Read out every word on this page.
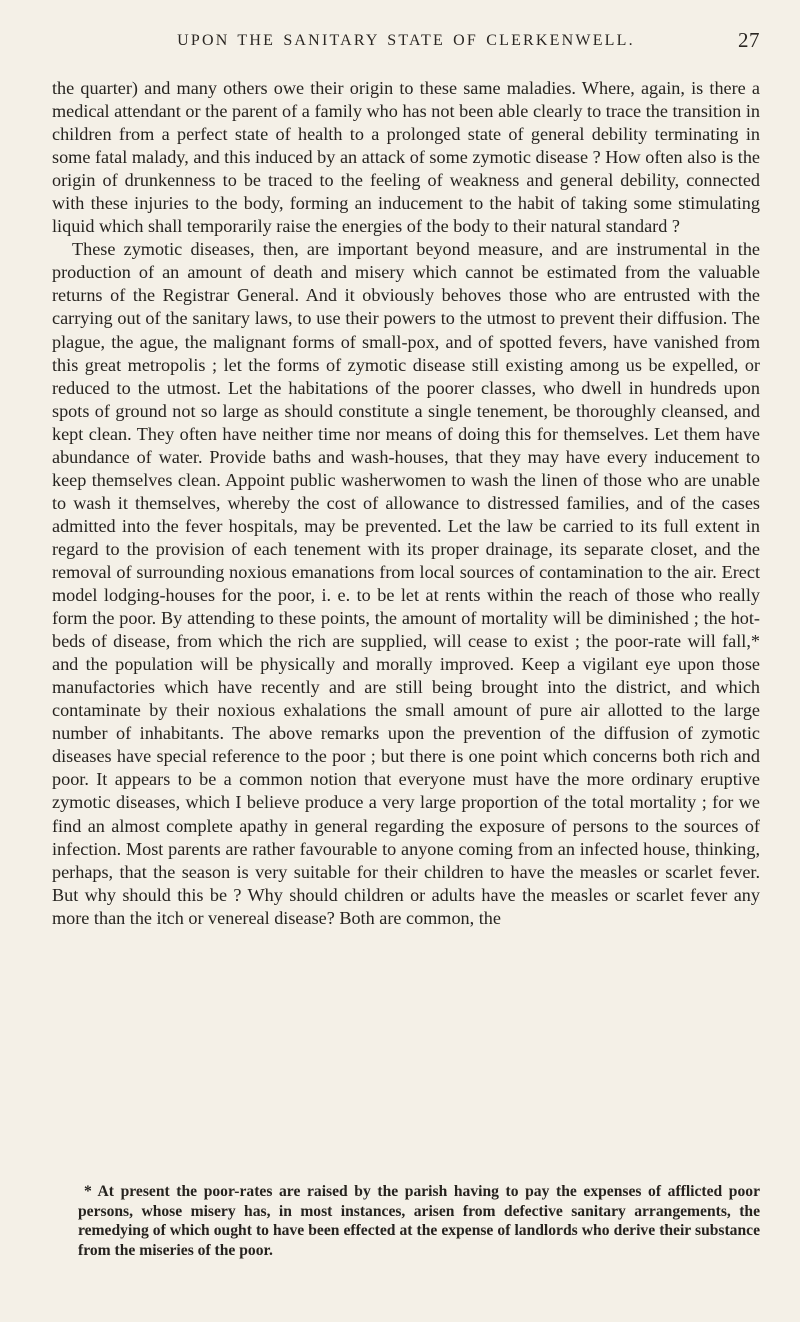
UPON THE SANITARY STATE OF CLERKENWELL.	27

the quarter) and many others owe their origin to these same maladies. Where, again, is there a medical attendant or the parent of a family who has not been able clearly to trace the transition in children from a perfect state of health to a prolonged state of general debility terminating in some fatal malady, and this induced by an attack of some zymotic disease ? How often also is the origin of drunkenness to be traced to the feeling of weakness and general debility, connected with these injuries to the body, forming an inducement to the habit of taking some stimulating liquid which shall temporarily raise the energies of the body to their natural standard ?

These zymotic diseases, then, are important beyond measure, and are instrumental in the production of an amount of death and misery which cannot be estimated from the valuable returns of the Registrar General. And it obviously behoves those who are entrusted with the carrying out of the sanitary laws, to use their powers to the utmost to prevent their diffusion. The plague, the ague, the malignant forms of small-pox, and of spotted fevers, have vanished from this great metropolis ; let the forms of zymotic disease still existing among us be expelled, or reduced to the utmost. Let the habitations of the poorer classes, who dwell in hundreds upon spots of ground not so large as should constitute a single tenement, be thoroughly cleansed, and kept clean. They often have neither time nor means of doing this for themselves. Let them have abundance of water. Provide baths and wash-houses, that they may have every inducement to keep themselves clean. Appoint public washerwomen to wash the linen of those who are unable to wash it themselves, whereby the cost of allowance to distressed families, and of the cases admitted into the fever hospitals, may be prevented. Let the law be carried to its full extent in regard to the provision of each tenement with its proper drainage, its separate closet, and the removal of surrounding noxious emanations from local sources of contamination to the air. Erect model lodging-houses for the poor, i. e. to be let at rents within the reach of those who really form the poor. By attending to these points, the amount of mortality will be diminished ; the hot-beds of disease, from which the rich are supplied, will cease to exist ; the poor-rate will fall,* and the population will be physically and morally improved. Keep a vigilant eye upon those manufactories which have recently and are still being brought into the district, and which contaminate by their noxious exhalations the small amount of pure air allotted to the large number of inhabitants. The above remarks upon the prevention of the diffusion of zymotic diseases have special reference to the poor ; but there is one point which concerns both rich and poor. It appears to be a common notion that everyone must have the more ordinary eruptive zymotic diseases, which I believe produce a very large proportion of the total mortality ; for we find an almost complete apathy in general regarding the exposure of persons to the sources of infection. Most parents are rather favourable to anyone coming from an infected house, thinking, perhaps, that the season is very suitable for their children to have the measles or scarlet fever. But why should this be ? Why should children or adults have the measles or scarlet fever any more than the itch or venereal disease? Both are common, the

* At present the poor-rates are raised by the parish having to pay the expenses of afflicted poor persons, whose misery has, in most instances, arisen from defective sanitary arrangements, the remedying of which ought to have been effected at the expense of landlords who derive their substance from the miseries of the poor.
